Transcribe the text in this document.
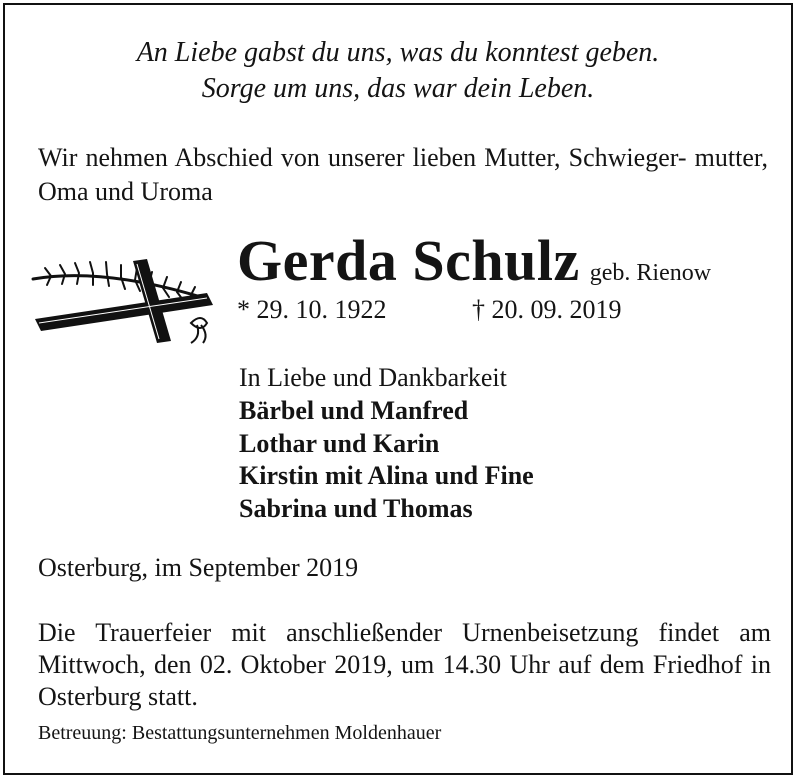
An Liebe gabst du uns, was du konntest geben.
Sorge um uns, das war dein Leben.
Wir nehmen Abschied von unserer lieben Mutter, Schwieger- mutter, Oma und Uroma
Gerda Schulz geb. Rienow
* 29. 10. 1922	† 20. 09. 2019
In Liebe und Dankbarkeit
Bärbel und Manfred
Lothar und Karin
Kirstin mit Alina und Fine
Sabrina und Thomas
Osterburg, im September 2019
Die Trauerfeier mit anschließender Urnenbeisetzung findet am Mittwoch, den 02. Oktober 2019, um 14.30 Uhr auf dem Friedhof in Osterburg statt.
Betreuung: Bestattungsunternehmen Moldenhauer
